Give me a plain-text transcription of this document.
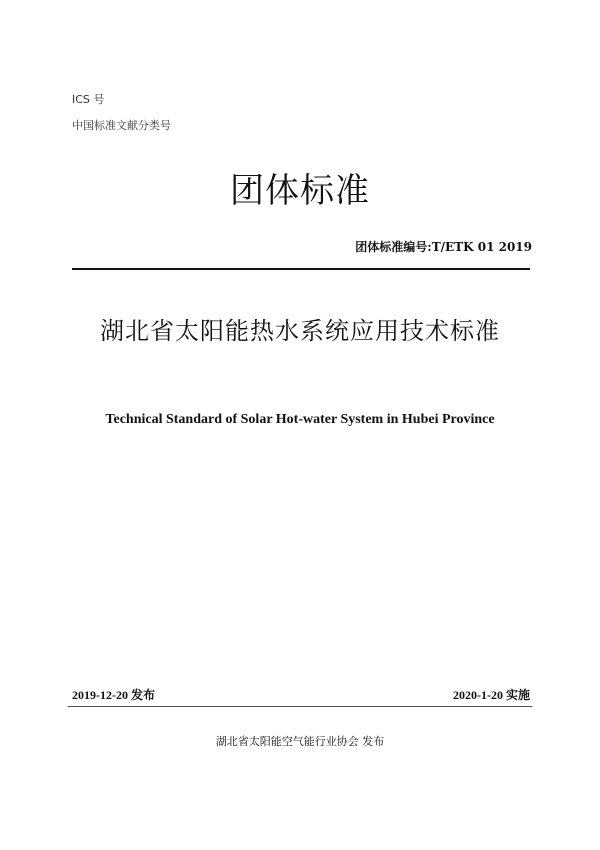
ICS 号
中国标准文献分类号
团体标准
团体标准编号:T/ETK 01 2019
湖北省太阳能热水系统应用技术标准
Technical Standard of Solar Hot-water System in Hubei Province
2019-12-20 发布	2020-1-20 实施
湖北省太阳能空气能行业协会 发布
